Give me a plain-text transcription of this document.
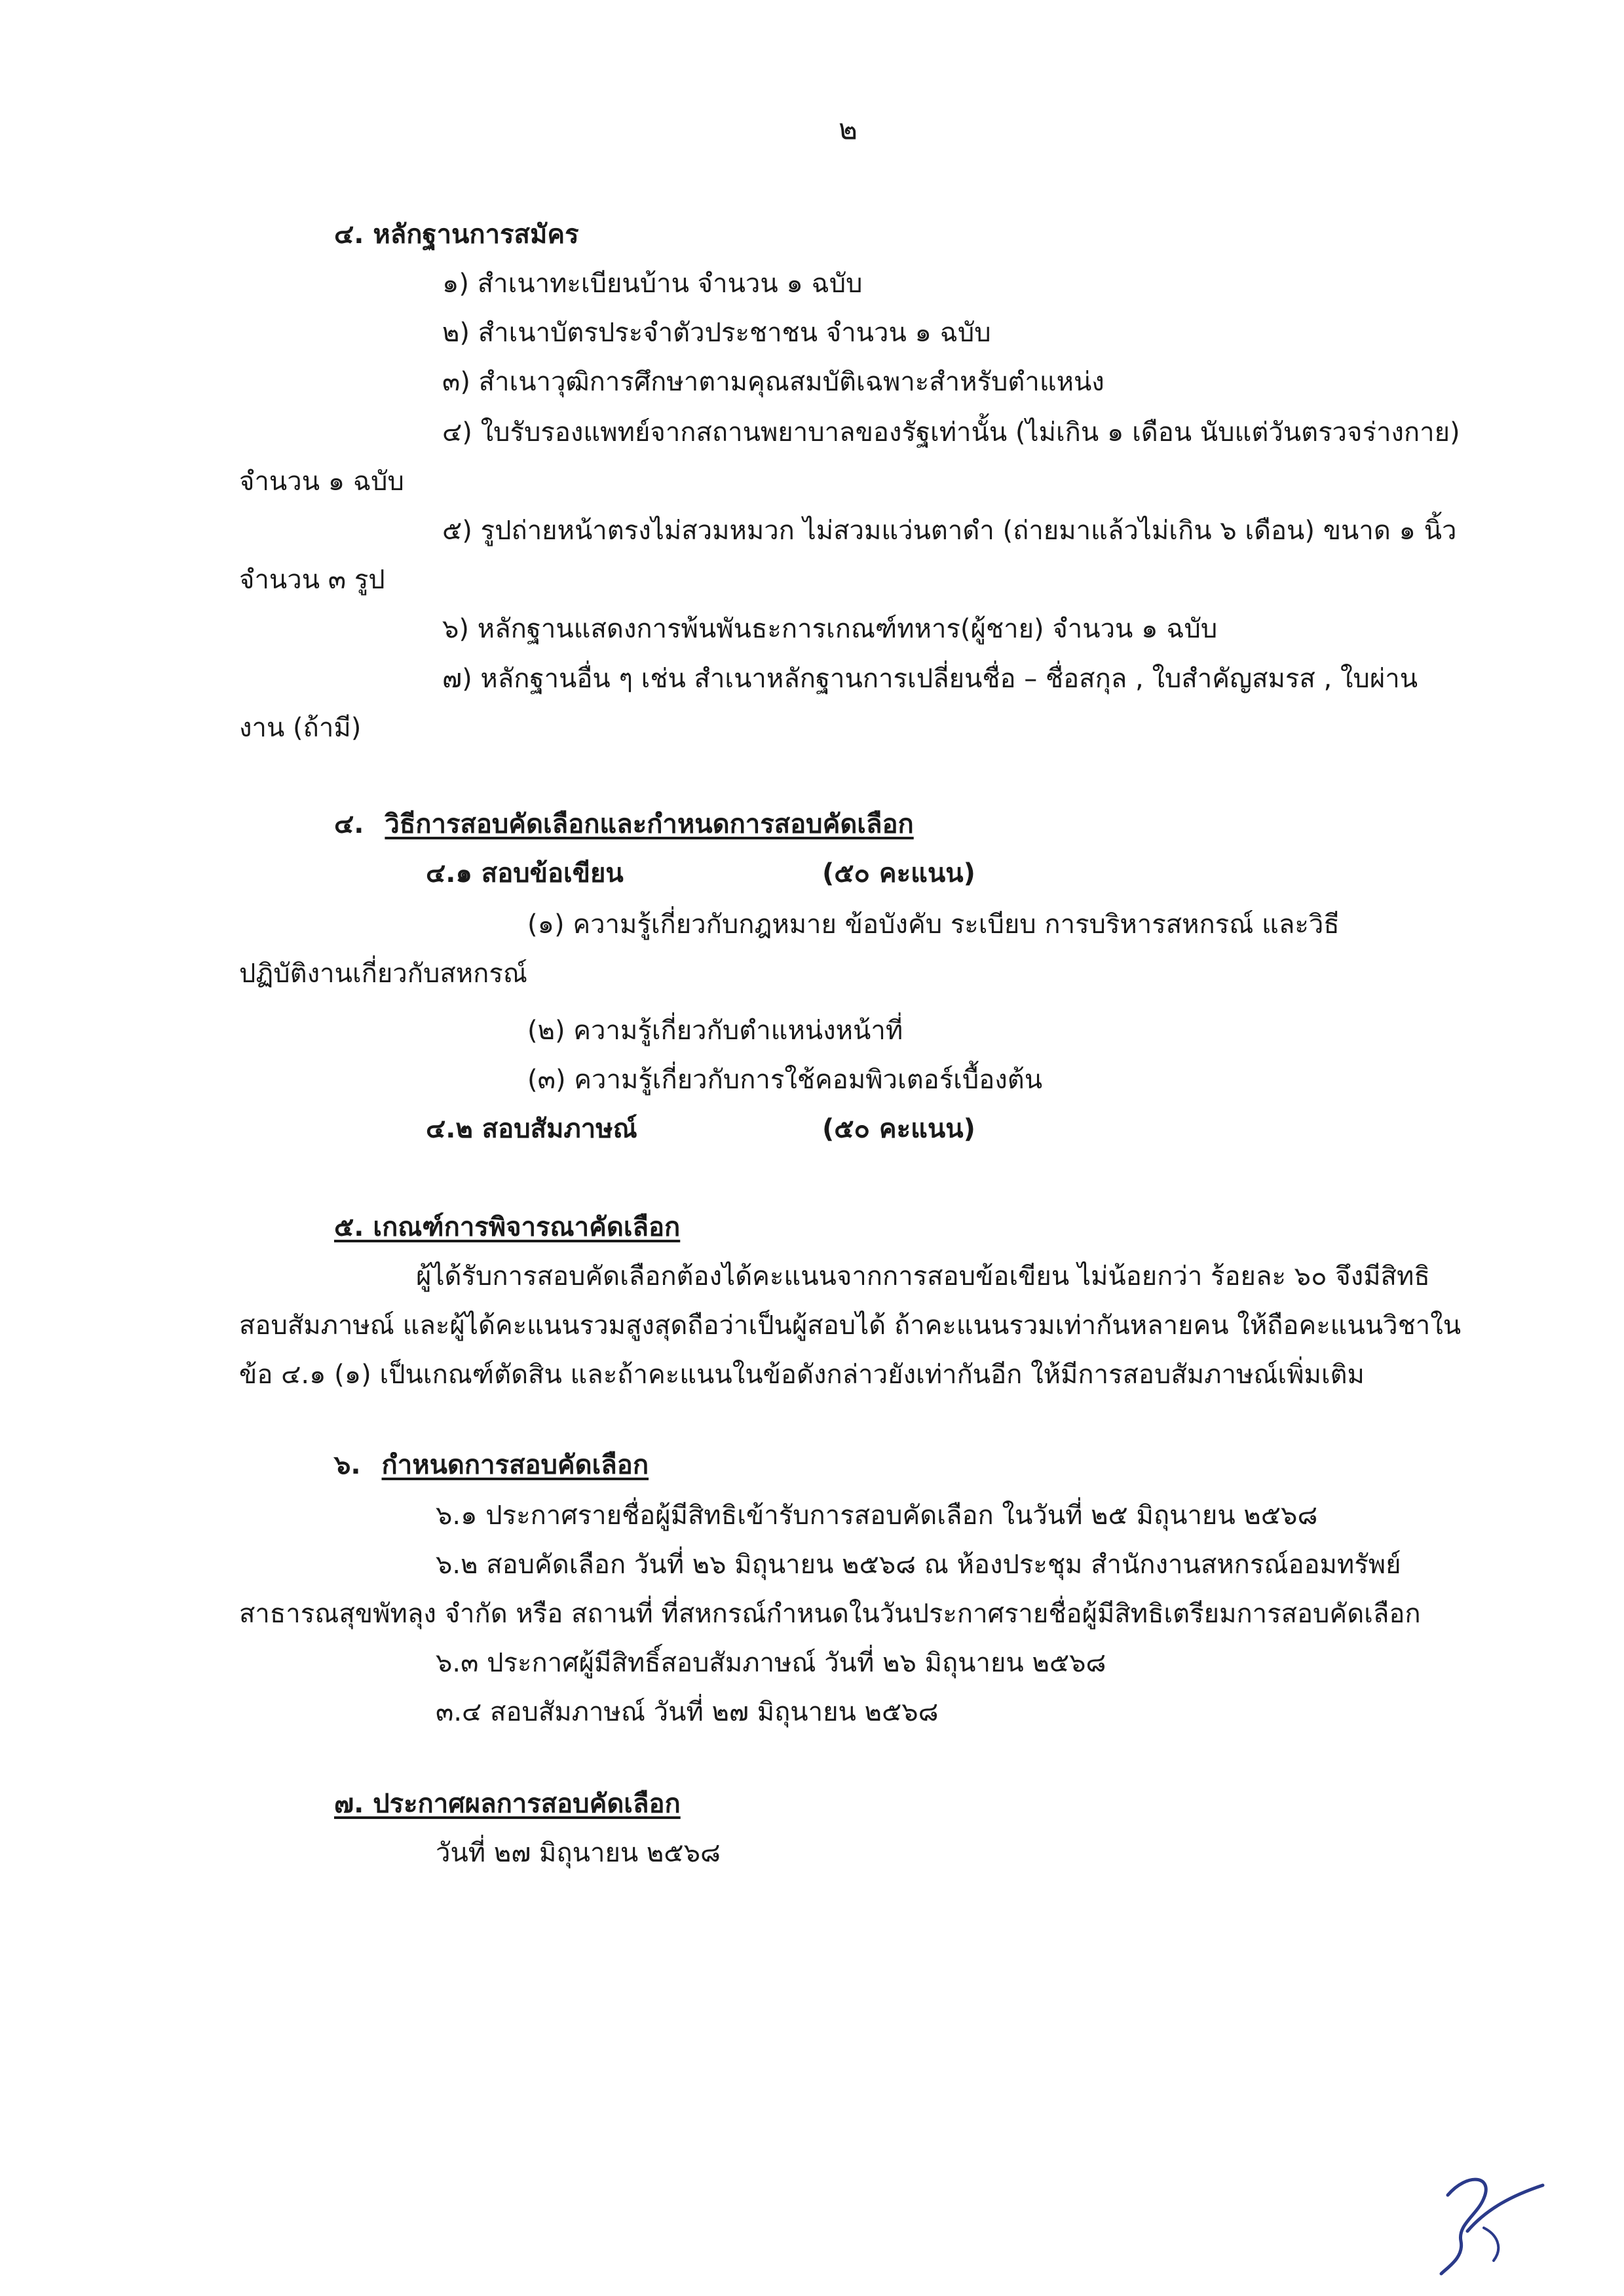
๒
๔. หลักฐานการสมัคร
๑) สำเนาทะเบียนบ้าน จำนวน ๑ ฉบับ
๒) สำเนาบัตรประจำตัวประชาชน จำนวน ๑ ฉบับ
๓) สำเนาวุฒิการศึกษาตามคุณสมบัติเฉพาะสำหรับตำแหน่ง
๔) ใบรับรองแพทย์จากสถานพยาบาลของรัฐเท่านั้น (ไม่เกิน ๑ เดือน นับแต่วันตรวจร่างกาย)
จำนวน ๑ ฉบับ
๕) รูปถ่ายหน้าตรงไม่สวมหมวก ไม่สวมแว่นตาดำ (ถ่ายมาแล้วไม่เกิน ๖ เดือน) ขนาด ๑ นิ้ว
จำนวน ๓ รูป
๖) หลักฐานแสดงการพ้นพันธะการเกณฑ์ทหาร(ผู้ชาย) จำนวน ๑ ฉบับ
๗) หลักฐานอื่น ๆ เช่น สำเนาหลักฐานการเปลี่ยนชื่อ – ชื่อสกุล , ใบสำคัญสมรส , ใบผ่าน
งาน (ถ้ามี)
๔. วิธีการสอบคัดเลือกและกำหนดการสอบคัดเลือก
๔.๑ สอบข้อเขียน	(๕๐ คะแนน)
(๑) ความรู้เกี่ยวกับกฎหมาย ข้อบังคับ ระเบียบ การบริหารสหกรณ์ และวิธี
ปฏิบัติงานเกี่ยวกับสหกรณ์
(๒) ความรู้เกี่ยวกับตำแหน่งหน้าที่
(๓) ความรู้เกี่ยวกับการใช้คอมพิวเตอร์เบื้องต้น
๔.๒ สอบสัมภาษณ์	(๕๐ คะแนน)
๕. เกณฑ์การพิจารณาคัดเลือก
ผู้ได้รับการสอบคัดเลือกต้องได้คะแนนจากการสอบข้อเขียน ไม่น้อยกว่า ร้อยละ ๖๐ จึงมีสิทธิ
สอบสัมภาษณ์ และผู้ได้คะแนนรวมสูงสุดถือว่าเป็นผู้สอบได้ ถ้าคะแนนรวมเท่ากันหลายคน ให้ถือคะแนนวิชาใน
ข้อ ๔.๑ (๑) เป็นเกณฑ์ตัดสิน และถ้าคะแนนในข้อดังกล่าวยังเท่ากันอีก ให้มีการสอบสัมภาษณ์เพิ่มเติม
๖. กำหนดการสอบคัดเลือก
๖.๑ ประกาศรายชื่อผู้มีสิทธิเข้ารับการสอบคัดเลือก ในวันที่ ๒๕ มิถุนายน ๒๕๖๘
๖.๒ สอบคัดเลือก วันที่ ๒๖ มิถุนายน ๒๕๖๘ ณ ห้องประชุม สำนักงานสหกรณ์ออมทรัพย์
สาธารณสุขพัทลุง จำกัด หรือ สถานที่ ที่สหกรณ์กำหนดในวันประกาศรายชื่อผู้มีสิทธิเตรียมการสอบคัดเลือก
๖.๓ ประกาศผู้มีสิทธิ์สอบสัมภาษณ์ วันที่ ๒๖ มิถุนายน ๒๕๖๘
๓.๔ สอบสัมภาษณ์ วันที่ ๒๗ มิถุนายน ๒๕๖๘
๗. ประกาศผลการสอบคัดเลือก
วันที่ ๒๗ มิถุนายน ๒๕๖๘
